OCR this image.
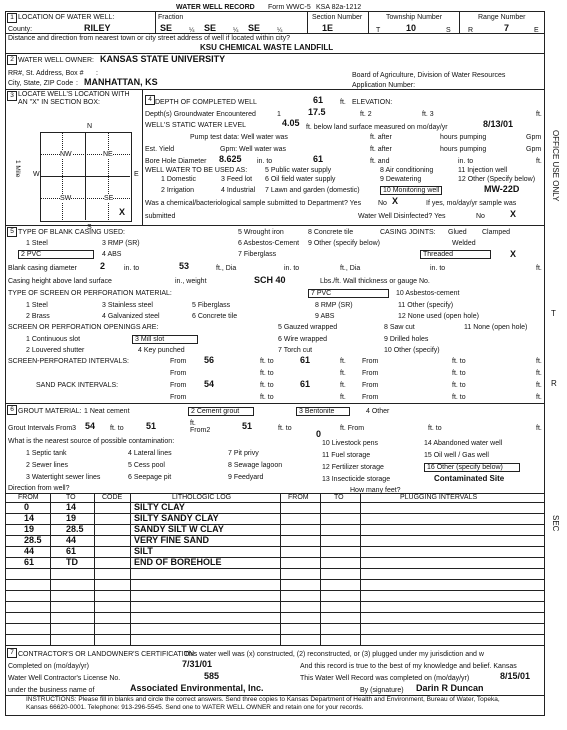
WATER WELL RECORD Form WWC-5 KSA 82a-1212
1 LOCATION OF WATER WELL:
County:	RILEY
Fraction
SE	¼ SE	¼ SE	¼
Section Number
1E
Township Number
T	10	S
Range Number
R	7	E
Distance and direction from nearest town or city street address of well if located within city?
KSU CHEMICAL WASTE LANDFILL
2 WATER WELL OWNER: KANSAS STATE UNIVERSITY
RR#, St. Address, Box # :
City, State, ZIP Code : MANHATTAN, KS
Board of Agriculture, Division of Water Resources
Application Number:
3 LOCATE WELL'S LOCATION WITH
AN "X" IN SECTION BOX:
N
W	E
S
NW	NE
SW	SE
X
1 Mile
4 DEPTH OF COMPLETED WELL	61 ft. ELEVATION:
Depth(s) Groundwater Encountered	1	17.5	ft. 2	ft. 3	ft.
WELL'S STATIC WATER LEVEL	4.05 ft. below land surface measured on mo/day/yr	8/13/01
Pump test data: Well water was	ft. after	hours pumping	Gpm
Est. Yield	Gpm: Well water was	ft. after	hours pumping	Gpm
Bore Hole Diameter 8.625 in. to	61	ft. and	in. to	ft.
WELL WATER TO BE USED AS:
1 Domestic	3 Feed lot
5 Public water supply
6 Oil field water supply
8 Air conditioning
9 Dewatering
11 Injection well
12 Other (Specify below)
2 Irrigation	4 Industrial 7 Lawn and garden (domestic)	10 Monitoring well	MW-22D
Was a chemical/bacteriological sample submitted to Department? Yes No X	If yes, mo/day/yr sample was
submitted	Water Well Disinfected? Yes	No	X
5 TYPE OF BLANK CASING USED:
1 Steel	3 RMP (SR)
5 Wrought iron	8 Concrete tile	CASING JOINTS: Glued Clamped
Welded
2 PVC	4 ABS
6 Asbestos-Cement
7 Fiberglass
9 Other (specify below)
Threaded	X
Blank casing diameter	2	in. to	53	ft., Dia	in. to	ft., Dia	in. to	ft.
Casing height above land surface	in., weight	SCH 40	Lbs./ft. Wall thickness or gauge No.
TYPE OF SCREEN OR PERFORATION MATERIAL:	7 PVC	10 Asbestos-cement
1 Steel	3 Stainless steel	5 Fiberglass	8 RMP (SR)	11 Other (specify)
2 Brass	4 Galvanized steel	6 Concrete tile	9 ABS	12 None used (open hole)
SCREEN OR PERFORATION OPENINGS ARE:	5 Gauzed wrapped	8 Saw cut	11 None (open hole)
1 Continuous slot	3 Mill slot	6 Wire wrapped	9 Drilled holes
2 Louvered shutter	4 Key punched	7 Torch cut	10 Other (specify)
SCREEN-PERFORATED INTERVALS:	From 56	ft. to	61	ft. From	ft. to	ft.
From	ft. to	ft. From	ft. to	ft.
SAND PACK INTERVALS:	From 54	ft. to	61	ft. From	ft. to	ft.
From	ft. to	ft. From	ft. to	ft.
6 GROUT MATERIAL: 1 Neat cement	2 Cement grout	3 Bentonite	4 Other
Grout Intervals From3 54 ft. to 51	ft.
From2	51	ft. to
0
ft. From	ft. to	ft.
What is the nearest source of possible contamination:
1 Septic tank	4 Lateral lines	7 Pit privy
10 Livestock pens	14 Abandoned water well
2 Sewer lines	5 Cess pool	8 Sewage lagoon
11 Fuel storage	15 Oil well / Gas well
3 Watertight sewer lines	6 Seepage pit	9 Feedyard
12 Fertilizer storage	16 Other (specify below)
13 Insecticide storage	Contaminated Site
Direction from well?	How many feet?
FROM	TO	CODE	LITHOLOGIC LOG	FROM	TO	PLUGGING INTERVALS
0	14	SILTY CLAY
14	19	SILTY SANDY CLAY
19	28.5	SANDY SILT W CLAY
28.5	44	VERY FINE SAND
44	61	SILT
61	TD	END OF BOREHOLE
7 CONTRACTOR'S OR LANDOWNER'S CERTIFICATION:
This water well was (x) constructed, (2) reconstructed, or (3) plugged under my jurisdiction and w
Completed on (mo/day/yr)	7/31/01	And this record is true to the best of my knowledge and belief. Kansas
Water Well Contractor's License No.	585	This Water Well Record was completed on (mo/day/yr)	8/15/01
under the business name of	Associated Environmental, Inc.	By (signature) Darin R Duncan
INSTRUCTIONS: Please fill in blanks and circle the correct answers. Send three copies to Kansas Department of Health and Environment, Bureau of Water, Topeka,
Kansas 66620-0001. Telephone: 913-296-5545. Send one to WATER WELL OWNER and retain one for your records.
OFFICE USE ONLY
T
R
SEC
